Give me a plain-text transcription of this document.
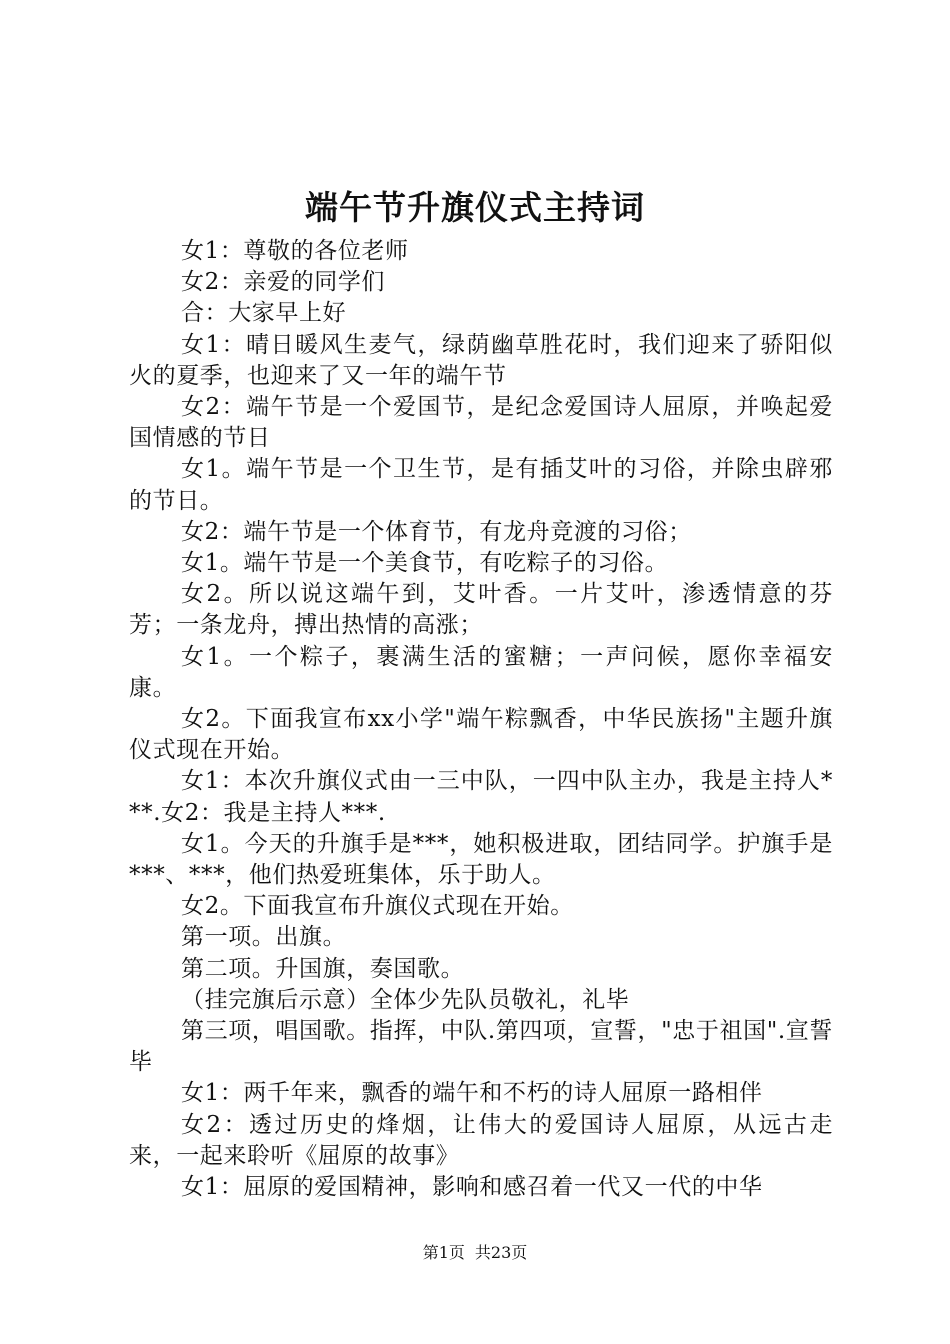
端午节升旗仪式主持词

女1：尊敬的各位老师

女2：亲爱的同学们

合：大家早上好

女1：晴日暖风生麦气，绿荫幽草胜花时，我们迎来了骄阳似火的夏季，也迎来了又一年的端午节

女2：端午节是一个爱国节，是纪念爱国诗人屈原，并唤起爱国情感的节日

女1。端午节是一个卫生节，是有插艾叶的习俗，并除虫辟邪的节日。

女2：端午节是一个体育节，有龙舟竞渡的习俗；

女1。端午节是一个美食节，有吃粽子的习俗。

女2。所以说这端午到，艾叶香。一片艾叶，渗透情意的芬芳；一条龙舟，搏出热情的高涨；

女1。一个粽子，裹满生活的蜜糖；一声问候，愿你幸福安康。

女2。下面我宣布xx小学"端午粽飘香，中华民族扬"主题升旗仪式现在开始。

女1：本次升旗仪式由一三中队，一四中队主办，我是主持人***.女2：我是主持人***.

女1。今天的升旗手是***，她积极进取，团结同学。护旗手是***、***，他们热爱班集体，乐于助人。

女2。下面我宣布升旗仪式现在开始。

第一项。出旗。

第二项。升国旗，奏国歌。

（挂完旗后示意）全体少先队员敬礼，礼毕

第三项，唱国歌。指挥，中队.第四项，宣誓，"忠于祖国".宣誓毕

女1：两千年来，飘香的端午和不朽的诗人屈原一路相伴

女2：透过历史的烽烟，让伟大的爱国诗人屈原，从远古走来，一起来聆听《屈原的故事》

女1：屈原的爱国精神，影响和感召着一代又一代的中华

第1页 共23页
